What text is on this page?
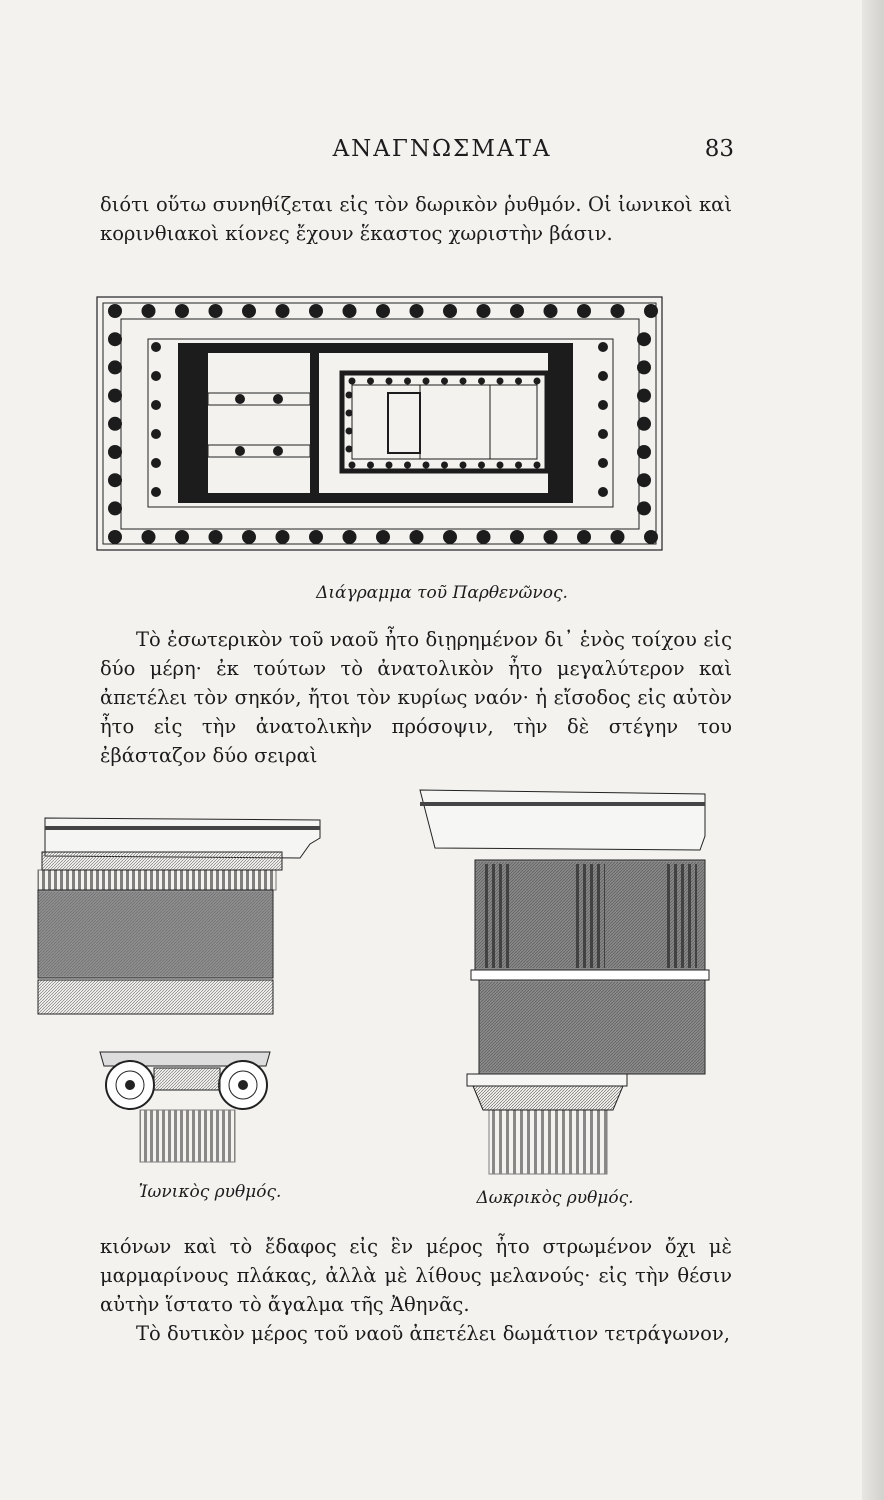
ΑΝΑΓΝΩΣΜΑΤΑ	83

διότι οὕτω συνηθίζεται εἰς τὸν δωρικὸν ῥυθμόν. Οἱ ἰωνικοὶ καὶ κορινθιακοὶ κίονες ἔχουν ἕκαστος χωριστὴν βάσιν.

Διάγραμμα τοῦ Παρθενῶνος.

Τὸ ἐσωτερικὸν τοῦ ναοῦ ἦτο διῃρημένον δι᾽ ἑνὸς τοίχου εἰς δύο μέρη· ἐκ τούτων τὸ ἀνατολικὸν ἦτο μεγαλύτερον καὶ ἀπετέλει τὸν σηκόν, ἤτοι τὸν κυρίως ναόν· ἡ εἴσοδος εἰς αὐτὸν ἦτο εἰς τὴν ἀνατολικὴν πρόσοψιν, τὴν δὲ στέγην του ἐβάσταζον δύο σειραὶ

Ἰωνικὸς ρυθμός.	Δωκρικὸς ρυθμός.

κιόνων καὶ τὸ ἔδαφος εἰς ἓν μέρος ἦτο στρωμένον ὄχι μὲ μαρμαρίνους πλάκας, ἀλλὰ μὲ λίθους μελανούς· εἰς τὴν θέσιν αὐτὴν ἵστατο τὸ ἄγαλμα τῆς Ἀθηνᾶς.

Τὸ δυτικὸν μέρος τοῦ ναοῦ ἀπετέλει δωμάτιον τετράγωνον,
